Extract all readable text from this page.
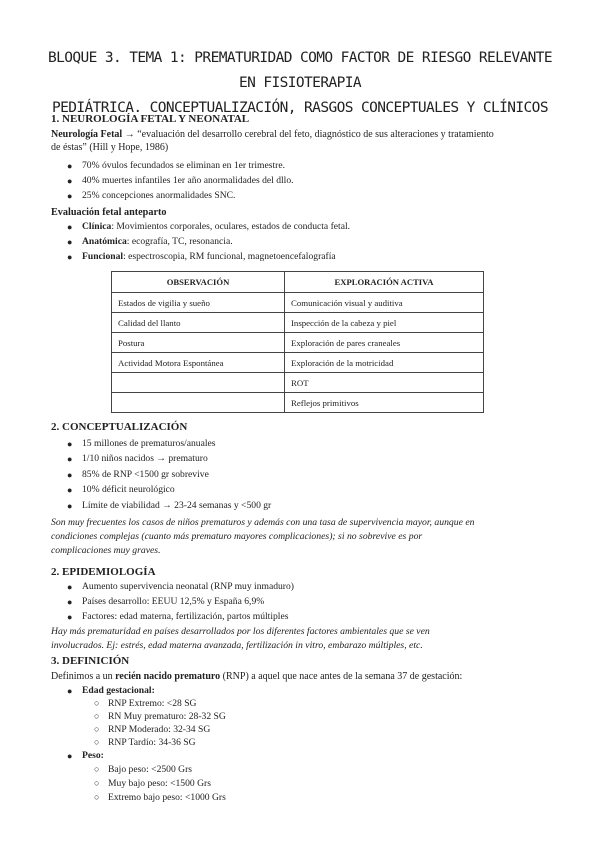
BLOQUE 3. TEMA 1: PREMATURIDAD COMO FACTOR DE RIESGO RELEVANTE EN FISIOTERAPIA
PEDIÁTRICA. CONCEPTUALIZACIÓN, RASGOS CONCEPTUALES Y CLÍNICOS
1. NEUROLOGÍA FETAL Y NEONATAL
Neurología Fetal → “evaluación del desarrollo cerebral del feto, diagnóstico de sus alteraciones y tratamiento
de éstas” (Hill y Hope, 1986)
● 70% óvulos fecundados se eliminan en 1er trimestre.
● 40% muertes infantiles 1er año anormalidades del dllo.
● 25% concepciones anormalidades SNC.
Evaluación fetal anteparto
● Clínica: Movimientos corporales, oculares, estados de conducta fetal.
● Anatómica: ecografía, TC, resonancia.
● Funcional: espectroscopia, RM funcional, magnetoencefalografía
OBSERVACIÓN	EXPLORACIÓN ACTIVA
Estados de vigilia y sueño	Comunicación visual y auditiva
Calidad del llanto	Inspección de la cabeza y piel
Postura	Exploración de pares craneales
Actividad Motora Espontánea	Exploración de la motricidad
	ROT
	Reflejos primitivos
2. CONCEPTUALIZACIÓN
● 15 millones de prematuros/anuales
● 1/10 niños nacidos → prematuro
● 85% de RNP <1500 gr sobrevive
● 10% déficit neurológico
● Límite de viabilidad → 23-24 semanas y <500 gr
Son muy frecuentes los casos de niños prematuros y además con una tasa de supervivencia mayor, aunque en
condiciones complejas (cuanto más prematuro mayores complicaciones); si no sobrevive es por
complicaciones muy graves.
2. EPIDEMIOLOGÍA
● Aumento supervivencia neonatal (RNP muy inmaduro)
● Países desarrollo: EEUU 12,5% y España 6,9%
● Factores: edad materna, fertilización, partos múltiples
Hay más prematuridad en países desarrollados por los diferentes factores ambientales que se ven
involucrados. Ej: estrés, edad materna avanzada, fertilización in vitro, embarazo múltiples, etc.
3. DEFINICIÓN
Definimos a un recién nacido prematuro (RNP) a aquel que nace antes de la semana 37 de gestación:
● Edad gestacional:
○ RNP Extremo: <28 SG
○ RN Muy prematuro: 28-32 SG
○ RNP Moderado: 32-34 SG
○ RNP Tardío: 34-36 SG
● Peso:
○ Bajo peso: <2500 Grs
○ Muy bajo peso: <1500 Grs
○ Extremo bajo peso: <1000 Grs
